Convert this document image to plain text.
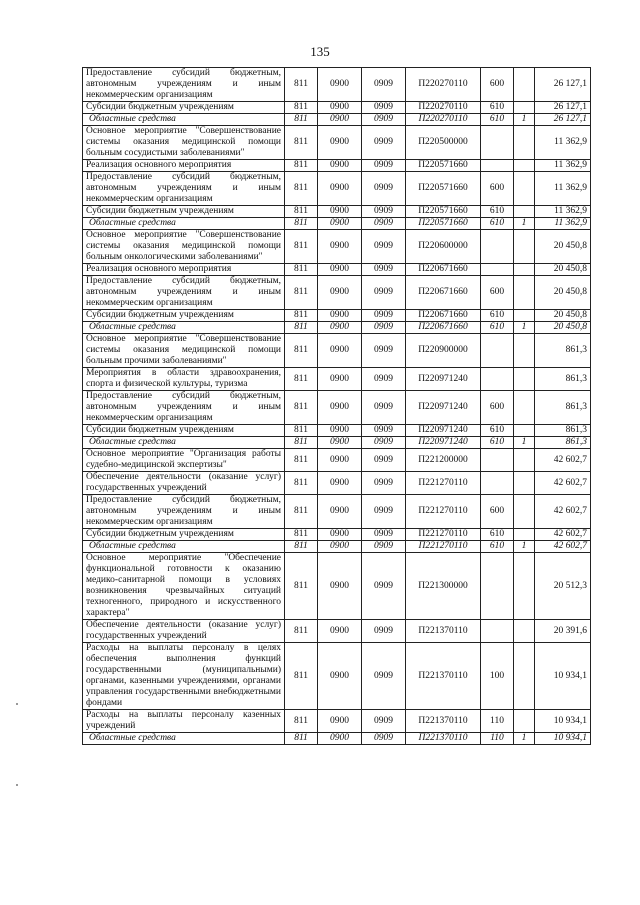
135
Предоставление субсидий бюджетным, автономным учреждениям и иным некоммерческим организациям	811	0900	0909	П220270110	600		26 127,1
Субсидии бюджетным учреждениям	811	0900	0909	П220270110	610		26 127,1
Областные средства	811	0900	0909	П220270110	610	1	26 127,1
Основное мероприятие "Совершенствование системы оказания медицинской помощи больным сосудистыми заболеваниями"	811	0900	0909	П220500000			11 362,9
Реализация основного мероприятия	811	0900	0909	П220571660			11 362,9
Предоставление субсидий бюджетным, автономным учреждениям и иным некоммерческим организациям	811	0900	0909	П220571660	600		11 362,9
Субсидии бюджетным учреждениям	811	0900	0909	П220571660	610		11 362,9
Областные средства	811	0900	0909	П220571660	610	1	11 362,9
Основное мероприятие "Совершенствование системы оказания медицинской помощи больным онкологическими заболеваниями"	811	0900	0909	П220600000			20 450,8
Реализация основного мероприятия	811	0900	0909	П220671660			20 450,8
Предоставление субсидий бюджетным, автономным учреждениям и иным некоммерческим организациям	811	0900	0909	П220671660	600		20 450,8
Субсидии бюджетным учреждениям	811	0900	0909	П220671660	610		20 450,8
Областные средства	811	0900	0909	П220671660	610	1	20 450,8
Основное мероприятие "Совершенствование системы оказания медицинской помощи больным прочими заболеваниями"	811	0900	0909	П220900000			861,3
Мероприятия в области здравоохранения, спорта и физической культуры, туризма	811	0900	0909	П220971240			861,3
Предоставление субсидий бюджетным, автономным учреждениям и иным некоммерческим организациям	811	0900	0909	П220971240	600		861,3
Субсидии бюджетным учреждениям	811	0900	0909	П220971240	610		861,3
Областные средства	811	0900	0909	П220971240	610	1	861,3
Основное мероприятие "Организация работы судебно-медицинской экспертизы"	811	0900	0909	П221200000			42 602,7
Обеспечение деятельности (оказание услуг) государственных учреждений	811	0900	0909	П221270110			42 602,7
Предоставление субсидий бюджетным, автономным учреждениям и иным некоммерческим организациям	811	0900	0909	П221270110	600		42 602,7
Субсидии бюджетным учреждениям	811	0900	0909	П221270110	610		42 602,7
Областные средства	811	0900	0909	П221270110	610	1	42 602,7
Основное мероприятие "Обеспечение функциональной готовности к оказанию медико-санитарной помощи в условиях возникновения чрезвычайных ситуаций техногенного, природного и искусственного характера"	811	0900	0909	П221300000			20 512,3
Обеспечение деятельности (оказание услуг) государственных учреждений	811	0900	0909	П221370110			20 391,6
Расходы на выплаты персоналу в целях обеспечения выполнения функций государственными (муниципальными) органами, казенными учреждениями, органами управления государственными внебюджетными фондами	811	0900	0909	П221370110	100		10 934,1
Расходы на выплаты персоналу казенных учреждений	811	0900	0909	П221370110	110		10 934,1
Областные средства	811	0900	0909	П221370110	110	1	10 934,1
